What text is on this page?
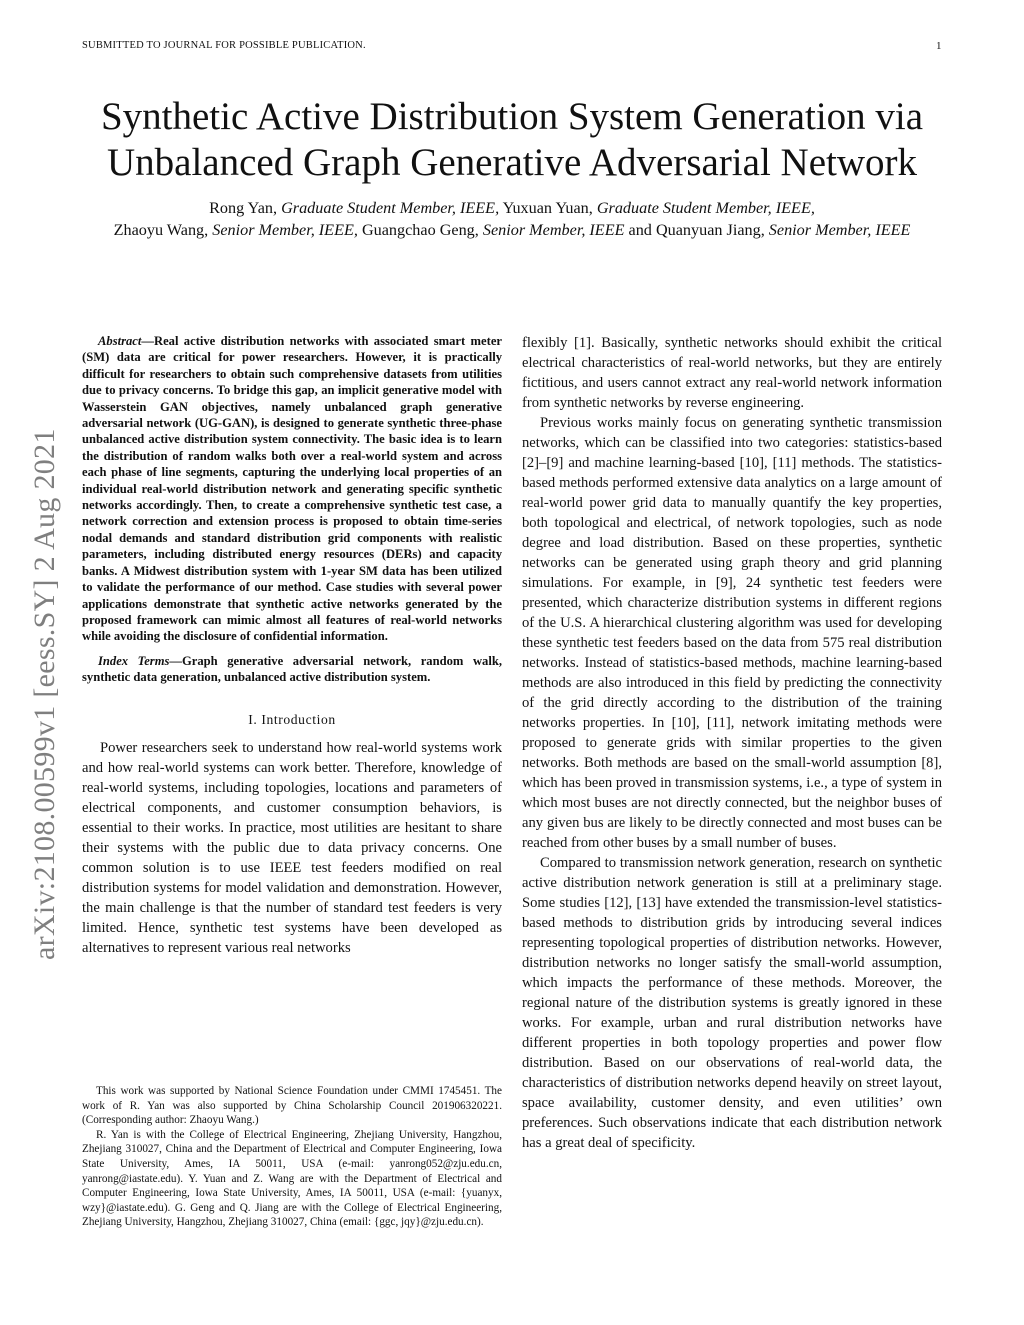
SUBMITTED TO JOURNAL FOR POSSIBLE PUBLICATION.	1
Synthetic Active Distribution System Generation via
Unbalanced Graph Generative Adversarial Network
Rong Yan, Graduate Student Member, IEEE, Yuxuan Yuan, Graduate Student Member, IEEE,
Zhaoyu Wang, Senior Member, IEEE, Guangchao Geng, Senior Member, IEEE and Quanyuan Jiang, Senior Member, IEEE
arXiv:2108.00599v1 [eess.SY] 2 Aug 2021

Abstract—Real active distribution networks with associated smart meter (SM) data are critical for power researchers. However, it is practically difficult for researchers to obtain such comprehensive datasets from utilities due to privacy concerns. To bridge this gap, an implicit generative model with Wasserstein GAN objectives, namely unbalanced graph generative adversarial network (UG-GAN), is designed to generate synthetic three-phase unbalanced active distribution system connectivity. The basic idea is to learn the distribution of random walks both over a real-world system and across each phase of line segments, capturing the underlying local properties of an individual real-world distribution network and generating specific synthetic networks accordingly. Then, to create a comprehensive synthetic test case, a network correction and extension process is proposed to obtain time-series nodal demands and standard distribution grid components with realistic parameters, including distributed energy resources (DERs) and capacity banks. A Midwest distribution system with 1-year SM data has been utilized to validate the performance of our method. Case studies with several power applications demonstrate that synthetic active networks generated by the proposed framework can mimic almost all features of real-world networks while avoiding the disclosure of confidential information.

Index Terms—Graph generative adversarial network, random walk, synthetic data generation, unbalanced active distribution system.

I. Introduction

Power researchers seek to understand how real-world systems work and how real-world systems can work better. Therefore, knowledge of real-world systems, including topologies, locations and parameters of electrical components, and customer consumption behaviors, is essential to their works. In practice, most utilities are hesitant to share their systems with the public due to data privacy concerns. One common solution is to use IEEE test feeders modified on real distribution systems for model validation and demonstration. However, the main challenge is that the number of standard test feeders is very limited. Hence, synthetic test systems have been developed as alternatives to represent various real networks

This work was supported by National Science Foundation under CMMI 1745451. The work of R. Yan was also supported by China Scholarship Council 201906320221. (Corresponding author: Zhaoyu Wang.)

R. Yan is with the College of Electrical Engineering, Zhejiang University, Hangzhou, Zhejiang 310027, China and the Department of Electrical and Computer Engineering, Iowa State University, Ames, IA 50011, USA (e-mail: yanrong052@zju.edu.cn, yanrong@iastate.edu). Y. Yuan and Z. Wang are with the Department of Electrical and Computer Engineering, Iowa State University, Ames, IA 50011, USA (e-mail: {yuanyx, wzy}@iastate.edu). G. Geng and Q. Jiang are with the College of Electrical Engineering, Zhejiang University, Hangzhou, Zhejiang 310027, China (email: {ggc, jqy}@zju.edu.cn).

flexibly [1]. Basically, synthetic networks should exhibit the critical electrical characteristics of real-world networks, but they are entirely fictitious, and users cannot extract any real-world network information from synthetic networks by reverse engineering.

Previous works mainly focus on generating synthetic transmission networks, which can be classified into two categories: statistics-based [2]–[9] and machine learning-based [10], [11] methods. The statistics-based methods performed extensive data analytics on a large amount of real-world power grid data to manually quantify the key properties, both topological and electrical, of network topologies, such as node degree and load distribution. Based on these properties, synthetic networks can be generated using graph theory and grid planning simulations. For example, in [9], 24 synthetic test feeders were presented, which characterize distribution systems in different regions of the U.S. A hierarchical clustering algorithm was used for developing these synthetic test feeders based on the data from 575 real distribution networks. Instead of statistics-based methods, machine learning-based methods are also introduced in this field by predicting the connectivity of the grid directly according to the distribution of the training networks properties. In [10], [11], network imitating methods were proposed to generate grids with similar properties to the given networks. Both methods are based on the small-world assumption [8], which has been proved in transmission systems, i.e., a type of system in which most buses are not directly connected, but the neighbor buses of any given bus are likely to be directly connected and most buses can be reached from other buses by a small number of buses.

Compared to transmission network generation, research on synthetic active distribution network generation is still at a preliminary stage. Some studies [12], [13] have extended the transmission-level statistics-based methods to distribution grids by introducing several indices representing topological properties of distribution networks. However, distribution networks no longer satisfy the small-world assumption, which impacts the performance of these methods. Moreover, the regional nature of the distribution systems is greatly ignored in these works. For example, urban and rural distribution networks have different properties in both topology properties and power flow distribution. Based on our observations of real-world data, the characteristics of distribution networks depend heavily on street layout, space availability, customer density, and even utilities’ own preferences. Such observations indicate that each distribution network has a great deal of specificity.
